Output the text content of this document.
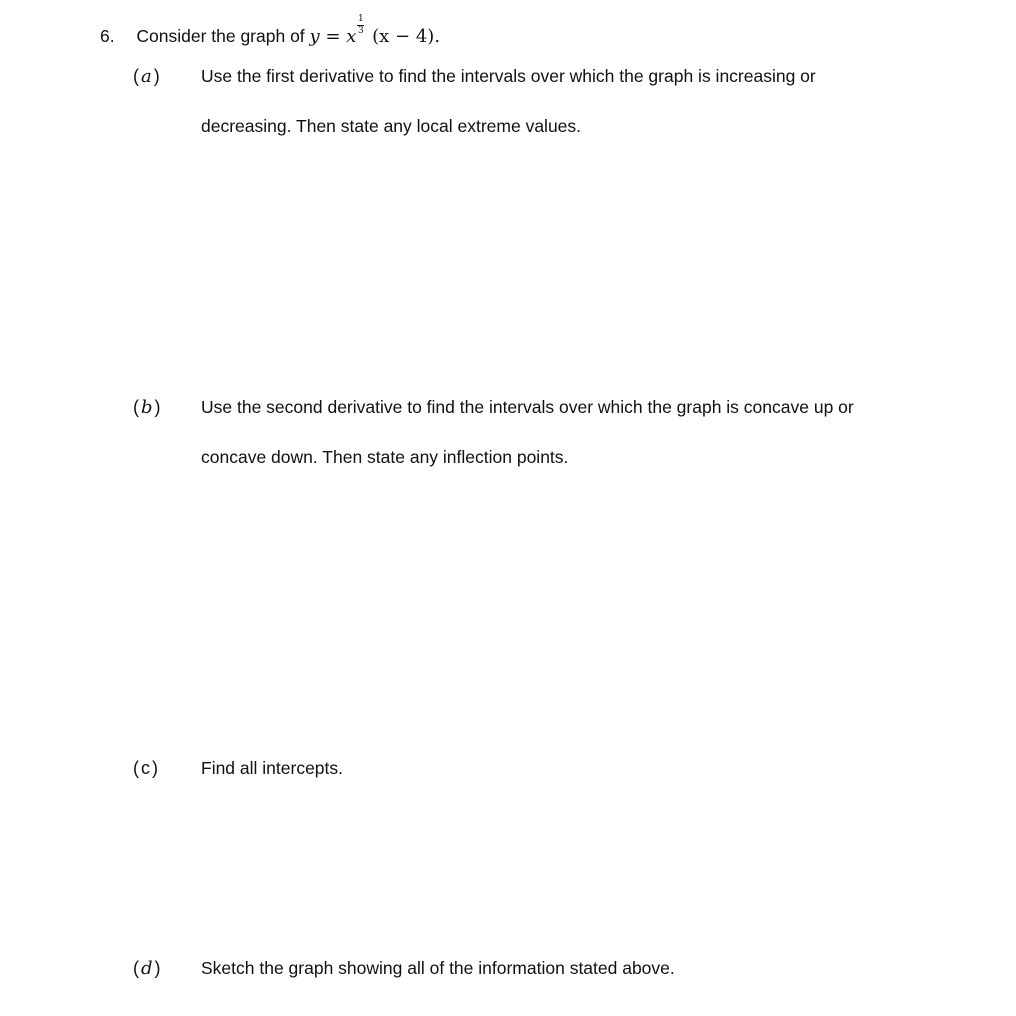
6. Consider the graph of y = x
$\frac{1}{3}$
(x − 4).
( a ) Use the first derivative to find the intervals over which the graph is increasing or
decreasing. Then state any local extreme values.
( b ) Use the second derivative to find the intervals over which the graph is concave up or
concave down. Then state any inflection points.
( c ) Find all intercepts.
( d ) Sketch the graph showing all of the information stated above.
